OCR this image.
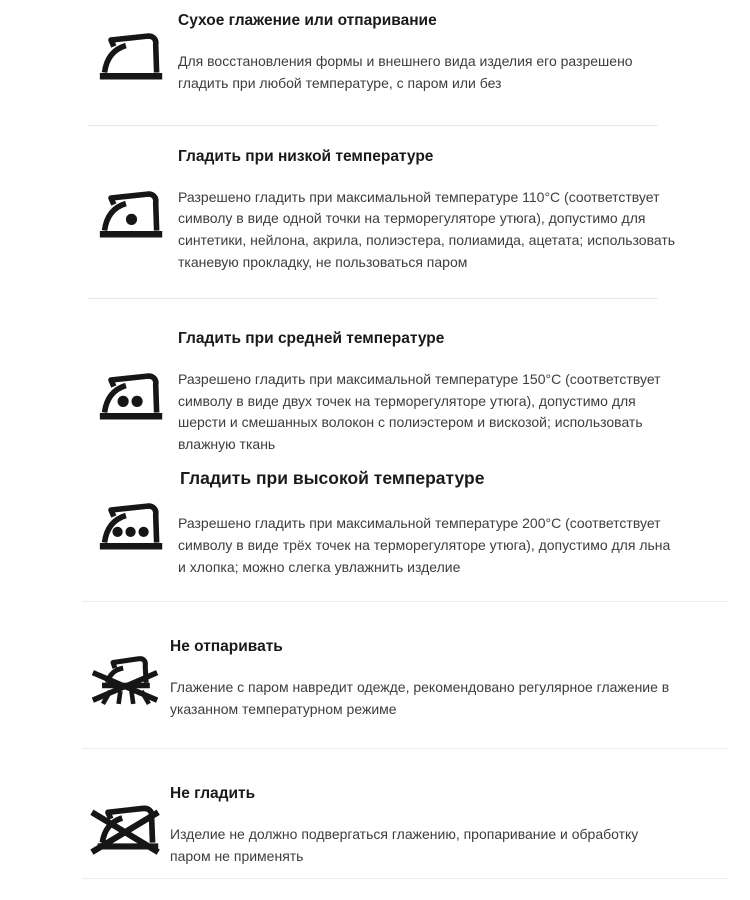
Сухое глажение или отпаривание

Для восстановления формы и внешнего вида изделия его разрешено гладить при любой температуре, с паром или без

Гладить при низкой температуре

Разрешено гладить при максимальной температуре 110°С (соответствует символу в виде одной точки на терморегуляторе утюга), допустимо для синтетики, нейлона, акрила, полиэстера, полиамида, ацетата; использовать тканевую прокладку, не пользоваться паром

Гладить при средней температуре

Разрешено гладить при максимальной температуре 150°С (соответствует символу в виде двух точек на терморегуляторе утюга), допустимо для шерсти и смешанных волокон с полиэстером и вискозой; использовать влажную ткань

Гладить при высокой температуре

Разрешено гладить при максимальной температуре 200°С (соответствует символу в виде трёх точек на терморегуляторе утюга), допустимо для льна и хлопка; можно слегка увлажнить изделие

Не отпаривать

Глажение с паром навредит одежде, рекомендовано регулярное глажение в указанном температурном режиме

Не гладить

Изделие не должно подвергаться глажению, пропаривание и обработку паром не применять
